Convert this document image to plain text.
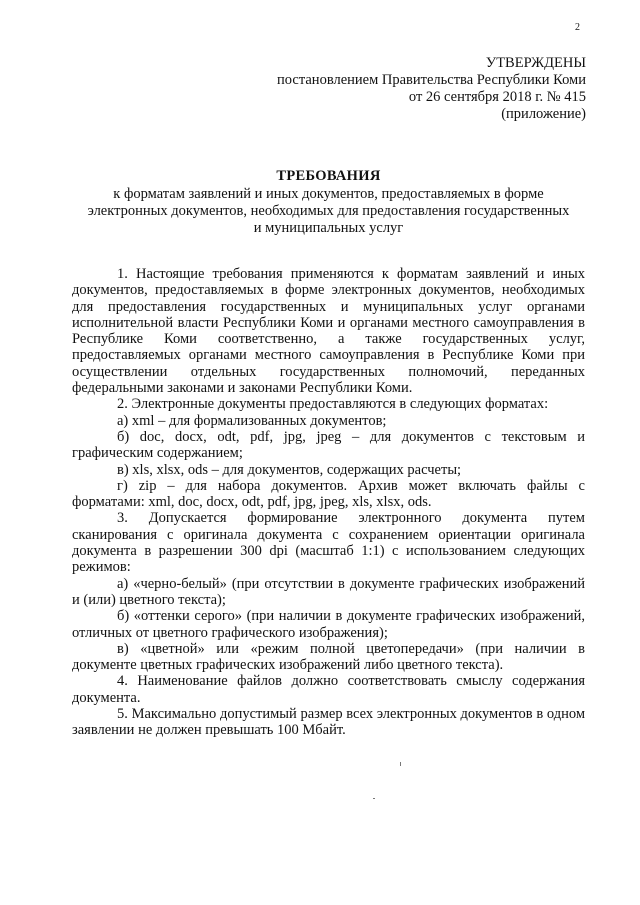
2
УТВЕРЖДЕНЫ
постановлением Правительства Республики Коми
от 26 сентября 2018 г. № 415
(приложение)
ТРЕБОВАНИЯ
к форматам заявлений и иных документов, предоставляемых в форме
электронных документов, необходимых для предоставления государственных
и муниципальных услуг

1. Настоящие требования применяются к форматам заявлений и иных документов, предоставляемых в форме электронных документов, необходимых для предоставления государственных и муниципальных услуг органами исполнительной власти Республики Коми и органами местного самоуправления в Республике Коми соответственно, а также государственных услуг, предоставляемых органами местного самоуправления в Республике Коми при осуществлении отдельных государственных полномочий, переданных федеральными законами и законами Республики Коми.

2. Электронные документы предоставляются в следующих форматах:

а) xml – для формализованных документов;

б) doc, docx, odt, pdf, jpg, jpeg – для документов с текстовым и графическим содержанием;

в) xls, xlsx, ods – для документов, содержащих расчеты;

г) zip – для набора документов. Архив может включать файлы с форматами: xml, doc, docx, odt, pdf, jpg, jpeg, xls, xlsx, ods.

3. Допускается формирование электронного документа путем сканирования с оригинала документа с сохранением ориентации оригинала документа в разрешении 300 dpi (масштаб 1:1) с использованием следующих режимов:

а) «черно-белый» (при отсутствии в документе графических изображений и (или) цветного текста);

б) «оттенки серого» (при наличии в документе графических изображений, отличных от цветного графического изображения);

в) «цветной» или «режим полной цветопередачи» (при наличии в документе цветных графических изображений либо цветного текста).

4. Наименование файлов должно соответствовать смыслу содержания документа.

5. Максимально допустимый размер всех электронных документов в одном заявлении не должен превышать 100 Мбайт.
